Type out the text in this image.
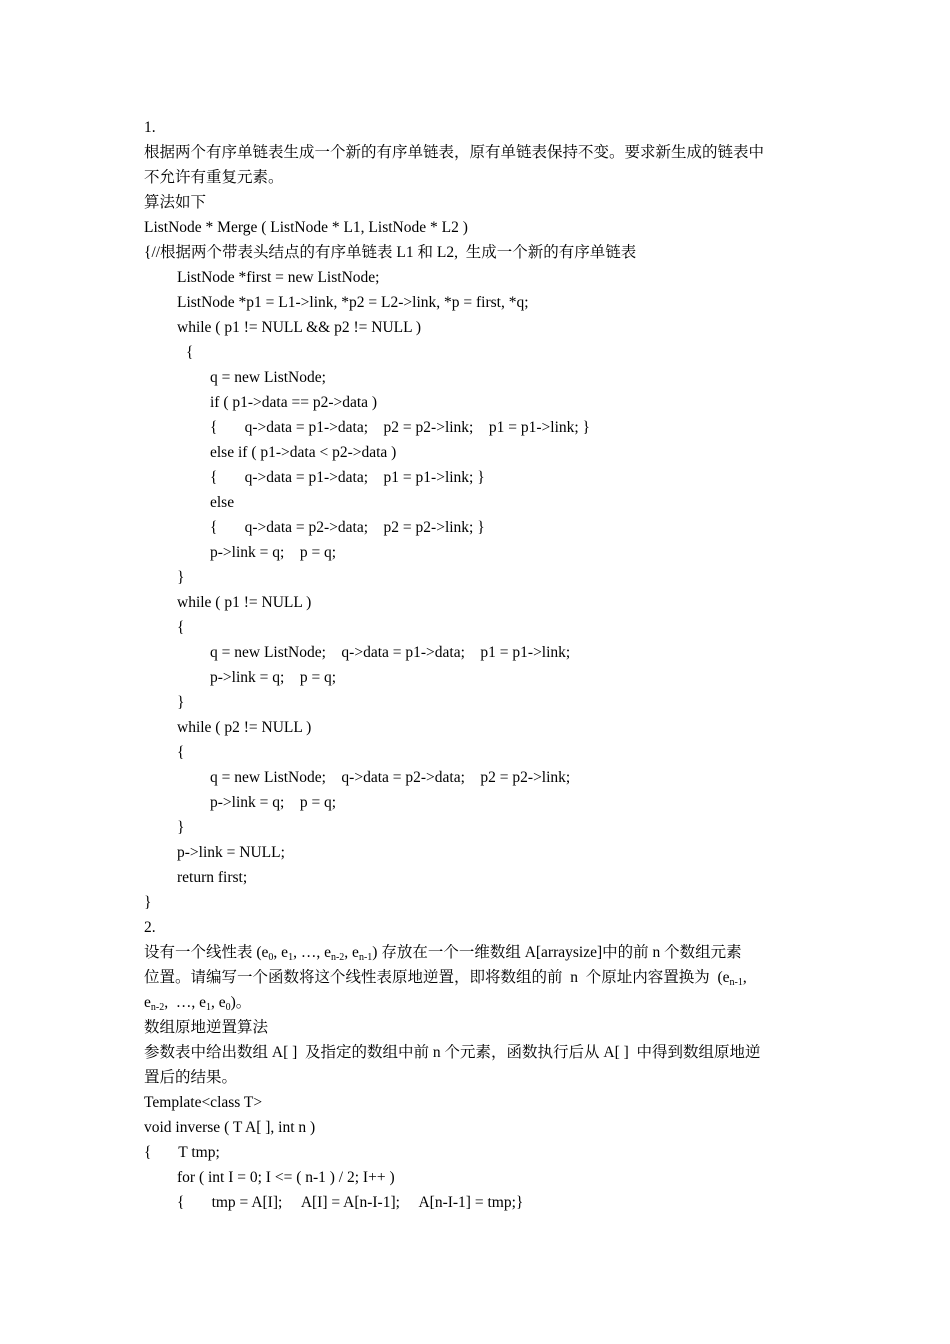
1.
根据两个有序单链表生成一个新的有序单链表，原有单链表保持不变。要求新生成的链表中
不允许有重复元素。
算法如下
ListNode * Merge ( ListNode * L1, ListNode * L2 )
{//根据两个带表头结点的有序单链表 L1 和 L2,  生成一个新的有序单链表
ListNode *first = new ListNode;
ListNode *p1 = L1->link, *p2 = L2->link, *p = first, *q;
while ( p1 != NULL && p2 != NULL )
{
q = new ListNode;
if ( p1->data == p2->data )
{       q->data = p1->data;    p2 = p2->link;    p1 = p1->link; }
else if ( p1->data < p2->data )
{       q->data = p1->data;    p1 = p1->link; }
else
{       q->data = p2->data;    p2 = p2->link; }
p->link = q;    p = q;
}
while ( p1 != NULL )
{
q = new ListNode;    q->data = p1->data;    p1 = p1->link;
p->link = q;    p = q;
}
while ( p2 != NULL )
{
q = new ListNode;    q->data = p2->data;    p2 = p2->link;
p->link = q;    p = q;
}
p->link = NULL;
return first;
}
2.
设有一个线性表 ($e_0$, $e_1$, …, $e_{n-2}$, $e_{n-1}$) 存放在一个一维数组 A[arraysize]中的前 n 个数组元素
位置。请编写一个函数将这个线性表原地逆置，即将数组的前  n  个原址内容置换为  ($e_{n-1}$,
$e_{n-2}$,  …, $e_1$, $e_0$)。
数组原地逆置算法
参数表中给出数组 A[ ]  及指定的数组中前 n 个元素，函数执行后从 A[ ]  中得到数组原地逆
置后的结果。
Template<class T>
void inverse ( T A[ ], int n )
{       T tmp;
for ( int I = 0; I <= ( n-1 ) / 2; I++ )
{       tmp = A[I];     A[I] = A[n-I-1];     A[n-I-1] = tmp;}
